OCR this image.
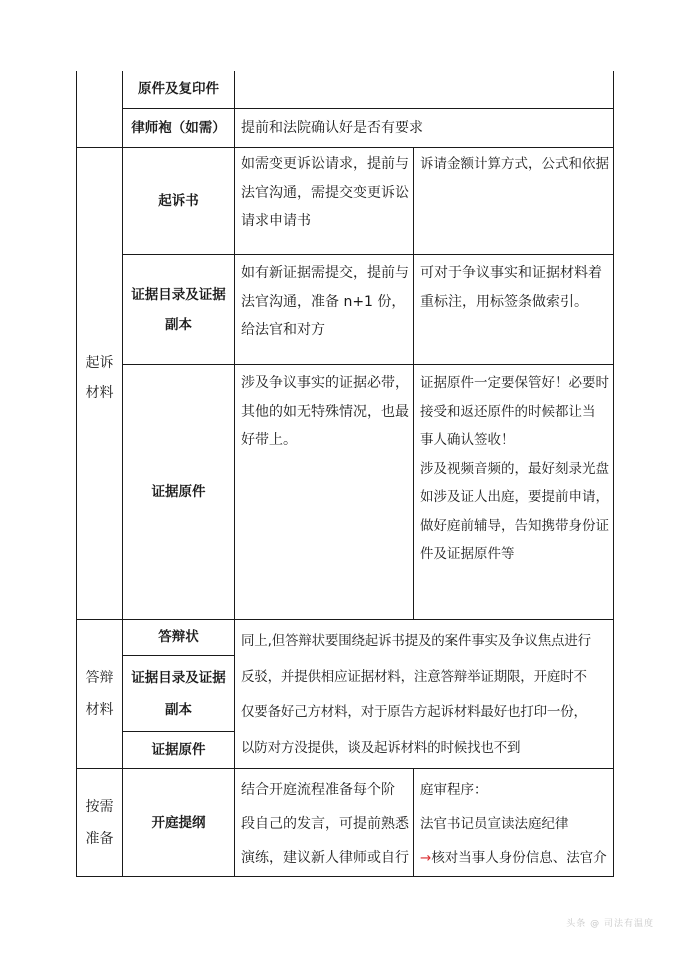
原件及复印件
律师袍（如需）	提前和法院确认好是否有要求
起诉
材料
起诉书
如需变更诉讼请求，提前与
法官沟通，需提交变更诉讼
请求申请书
诉请金额计算方式，公式和依据
证据目录及证据
副本
如有新证据需提交，提前与
法官沟通，准备 n+1 份，
给法官和对方
可对于争议事实和证据材料着
重标注，用标签条做索引。
证据原件
涉及争议事实的证据必带，
其他的如无特殊情况，也最
好带上。
证据原件一定要保管好！必要时
接受和返还原件的时候都让当
事人确认签收！
涉及视频音频的，最好刻录光盘
如涉及证人出庭，要提前申请，
做好庭前辅导，告知携带身份证
件及证据原件等
答辩
材料
答辩状
证据目录及证据
副本
证据原件
同上,但答辩状要围绕起诉书提及的案件事实及争议焦点进行
反驳，并提供相应证据材料，注意答辩举证期限，开庭时不
仅要备好己方材料，对于原告方起诉材料最好也打印一份，
以防对方没提供，谈及起诉材料的时候找也不到
按需
准备
开庭提纲
结合开庭流程准备每个阶
段自己的发言，可提前熟悉
演练，建议新人律师或自行
庭审程序：
法官书记员宣读法庭纪律
→核对当事人身份信息、法官介
头条 @ 司法有温度
